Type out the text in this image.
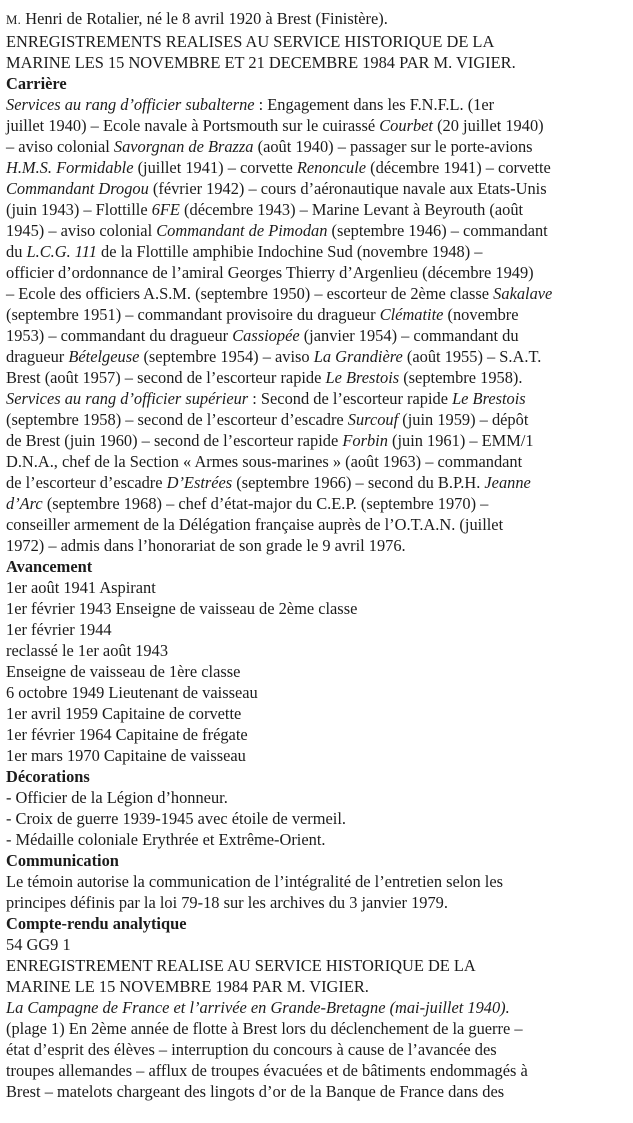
M. Henri de Rotalier, né le 8 avril 1920 à Brest (Finistère).
ENREGISTREMENTS REALISES AU SERVICE HISTORIQUE DE LA
MARINE LES 15 NOVEMBRE ET 21 DECEMBRE 1984 PAR M. VIGIER.
Carrière
Services au rang d’officier subalterne : Engagement dans les F.N.F.L. (1er
juillet 1940) – Ecole navale à Portsmouth sur le cuirassé Courbet (20 juillet 1940)
– aviso colonial Savorgnan de Brazza (août 1940) – passager sur le porte-avions
H.M.S. Formidable (juillet 1941) – corvette Renoncule (décembre 1941) – corvette
Commandant Drogou (février 1942) – cours d’aéronautique navale aux Etats-Unis
(juin 1943) – Flottille 6FE (décembre 1943) – Marine Levant à Beyrouth (août
1945) – aviso colonial Commandant de Pimodan (septembre 1946) – commandant
du L.C.G. 111 de la Flottille amphibie Indochine Sud (novembre 1948) –
officier d’ordonnance de l’amiral Georges Thierry d’Argenlieu (décembre 1949)
– Ecole des officiers A.S.M. (septembre 1950) – escorteur de 2ème classe Sakalave
(septembre 1951) – commandant provisoire du dragueur Clématite (novembre
1953) – commandant du dragueur Cassiopée (janvier 1954) – commandant du
dragueur Bételgeuse (septembre 1954) – aviso La Grandière (août 1955) – S.A.T.
Brest (août 1957) – second de l’escorteur rapide Le Brestois (septembre 1958).
Services au rang d’officier supérieur : Second de l’escorteur rapide Le Brestois
(septembre 1958) – second de l’escorteur d’escadre Surcouf (juin 1959) – dépôt
de Brest (juin 1960) – second de l’escorteur rapide Forbin (juin 1961) – EMM/1
D.N.A., chef de la Section « Armes sous-marines » (août 1963) – commandant
de l’escorteur d’escadre D’Estrées (septembre 1966) – second du B.P.H. Jeanne
d’Arc (septembre 1968) – chef d’état-major du C.E.P. (septembre 1970) –
conseiller armement de la Délégation française auprès de l’O.T.A.N. (juillet
1972) – admis dans l’honorariat de son grade le 9 avril 1976.
Avancement
1er août 1941 Aspirant
1er février 1943 Enseigne de vaisseau de 2ème classe
1er février 1944
reclassé le 1er août 1943
Enseigne de vaisseau de 1ère classe
6 octobre 1949 Lieutenant de vaisseau
1er avril 1959 Capitaine de corvette
1er février 1964 Capitaine de frégate
1er mars 1970 Capitaine de vaisseau
Décorations
- Officier de la Légion d’honneur.
- Croix de guerre 1939-1945 avec étoile de vermeil.
- Médaille coloniale Erythrée et Extrême-Orient.
Communication
Le témoin autorise la communication de l’intégralité de l’entretien selon les
principes définis par la loi 79-18 sur les archives du 3 janvier 1979.
Compte-rendu analytique
54 GG9 1
ENREGISTREMENT REALISE AU SERVICE HISTORIQUE DE LA
MARINE LE 15 NOVEMBRE 1984 PAR M. VIGIER.
La Campagne de France et l’arrivée en Grande-Bretagne (mai-juillet 1940).
(plage 1) En 2ème année de flotte à Brest lors du déclenchement de la guerre –
état d’esprit des élèves – interruption du concours à cause de l’avancée des
troupes allemandes – afflux de troupes évacuées et de bâtiments endommagés à
Brest – matelots chargeant des lingots d’or de la Banque de France dans des
